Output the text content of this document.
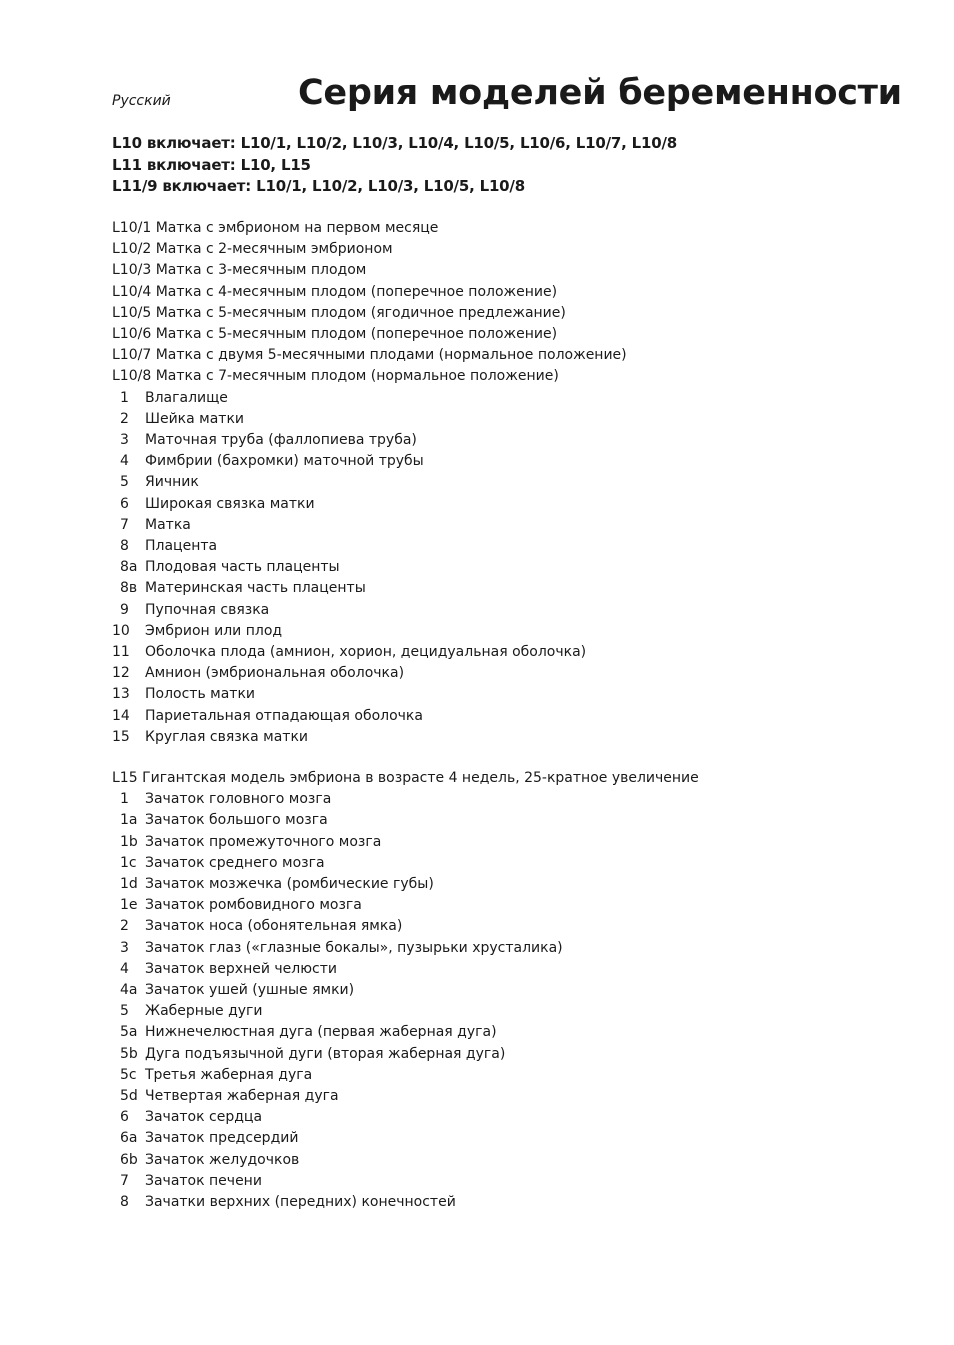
Русский	Серия моделей беременности
L10 включает: L10/1, L10/2, L10/3, L10/4, L10/5, L10/6, L10/7, L10/8
L11 включает: L10, L15
L11/9 включает: L10/1, L10/2, L10/3, L10/5, L10/8
L10/1 Матка с эмбрионом на первом месяце
L10/2 Матка с 2-месячным эмбрионом
L10/3 Матка с 3-месячным плодом
L10/4 Матка с 4-месячным плодом (поперечное положение)
L10/5 Матка с 5-месячным плодом (ягодичное предлежание)
L10/6 Матка с 5-месячным плодом (поперечное положение)
L10/7 Матка с двумя 5-месячными плодами (нормальное положение)
L10/8 Матка с 7-месячным плодом (нормальное положение)
1	Влагалище
2	Шейка матки
3	Маточная труба (фаллопиева труба)
4	Фимбрии (бахромки) маточной трубы
5	Яичник
6	Широкая связка матки
7	Матка
8	Плацента
8а Плодовая часть плаценты
8в Материнская часть плаценты
9	Пупочная связка
10	Эмбрион или плод
11	Оболочка плода (амнион, хорион, децидуальная оболочка)
12	Амнион (эмбриональная оболочка)
13	Полость матки
14	Париетальная отпадающая оболочка
15	Круглая связка матки
L15 Гигантская модель эмбриона в возрасте 4 недель, 25-кратное увеличение
1	Зачаток головного мозга
1а Зачаток большого мозга
1b Зачаток промежуточного мозга
1с Зачаток среднего мозга
1d Зачаток мозжечка (ромбические губы)
1е Зачаток ромбовидного мозга
2	Зачаток носа (обонятельная ямка)
3	Зачаток глаз («глазные бокалы», пузырьки хрусталика)
4	Зачаток верхней челюсти
4а Зачаток ушей (ушные ямки)
5	Жаберные дуги
5а Нижнечелюстная дуга (первая жаберная дуга)
5b Дуга подъязычной дуги (вторая жаберная дуга)
5с Третья жаберная дуга
5d Четвертая жаберная дуга
6	Зачаток сердца
6а Зачаток предсердий
6b Зачаток желудочков
7	Зачаток печени
8	Зачатки верхних (передних) конечностей
